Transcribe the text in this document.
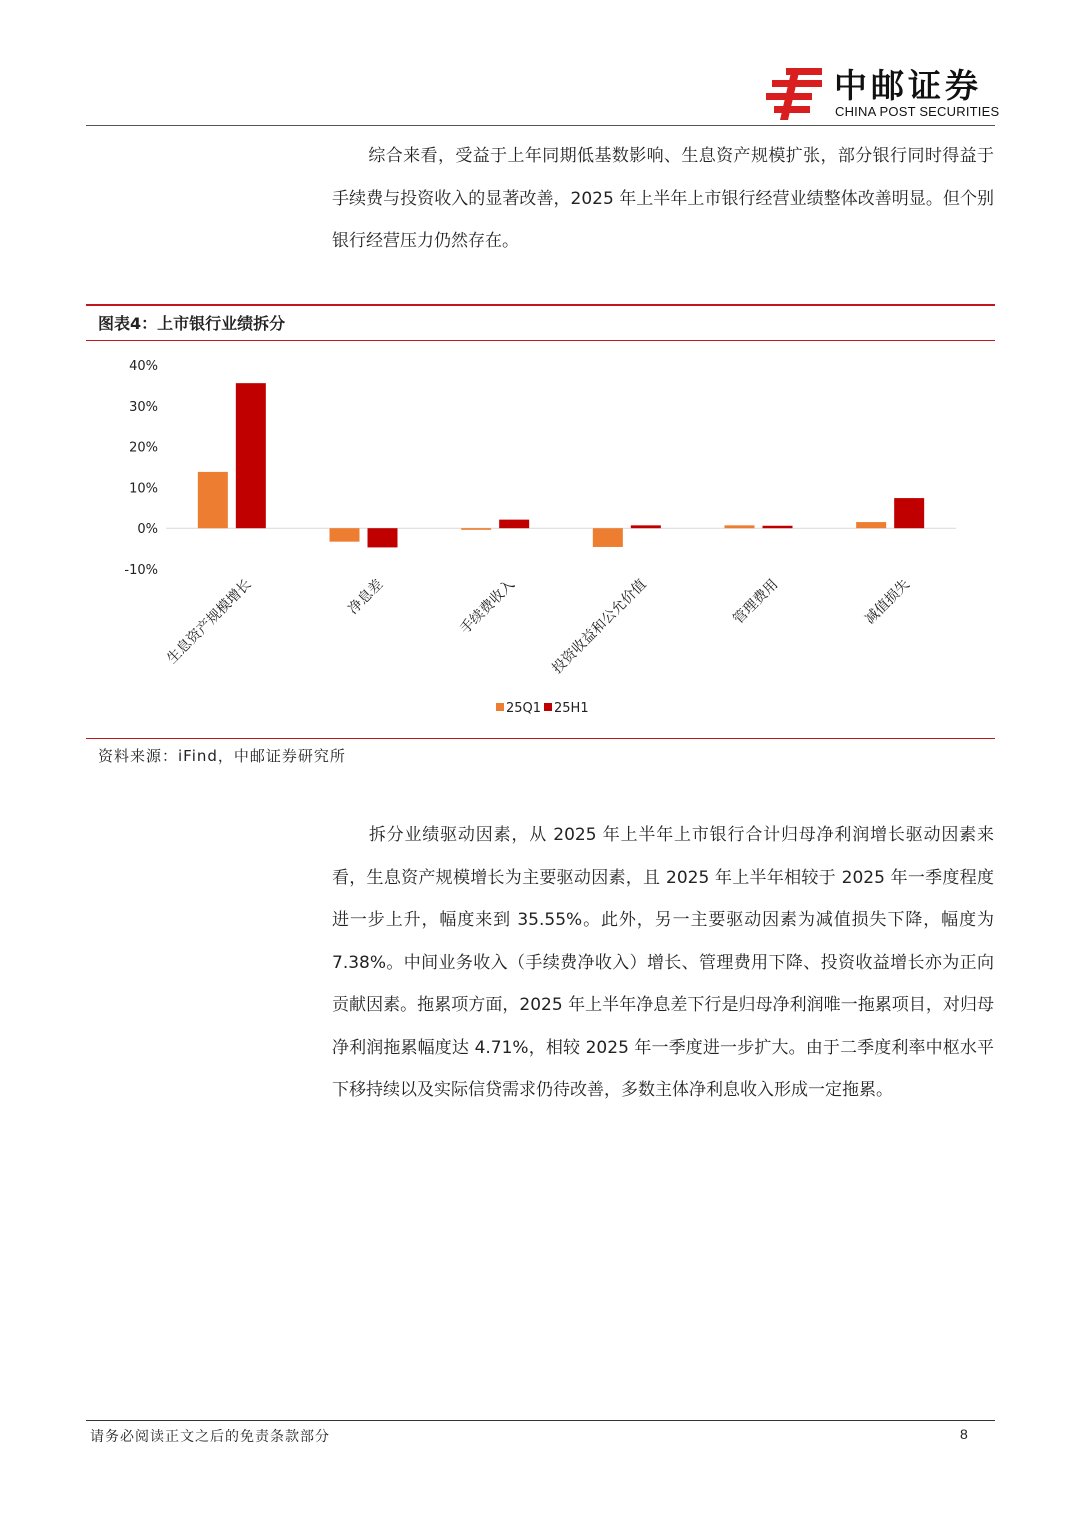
中邮证券
CHINA POST SECURITIES
综合来看，受益于上年同期低基数影响、生息资产规模扩张，部分银行同时得益于手续费与投资收入的显著改善，2025 年上半年上市银行经营业绩整体改善明显。但个别银行经营压力仍然存在。
图表4：上市银行业绩拆分
40%
30%
20%
10%
0%
-10%
生息资产规模增长	净息差	手续费收入 投资收益和公允价值	管理费用	减值损失
25Q1 25H1
资料来源：iFind，中邮证券研究所
拆分业绩驱动因素，从 2025 年上半年上市银行合计归母净利润增长驱动因素来看，生息资产规模增长为主要驱动因素，且 2025 年上半年相较于 2025 年一季度程度进一步上升，幅度来到 35.55%。此外，另一主要驱动因素为减值损失下降，幅度为 7.38%。中间业务收入（手续费净收入）增长、管理费用下降、投资收益增长亦为正向贡献因素。拖累项方面，2025 年上半年净息差下行是归母净利润唯一拖累项目，对归母净利润拖累幅度达 4.71%，相较 2025 年一季度进一步扩大。由于二季度利率中枢水平下移持续以及实际信贷需求仍待改善，多数主体净利息收入形成一定拖累。
请务必阅读正文之后的免责条款部分	8
